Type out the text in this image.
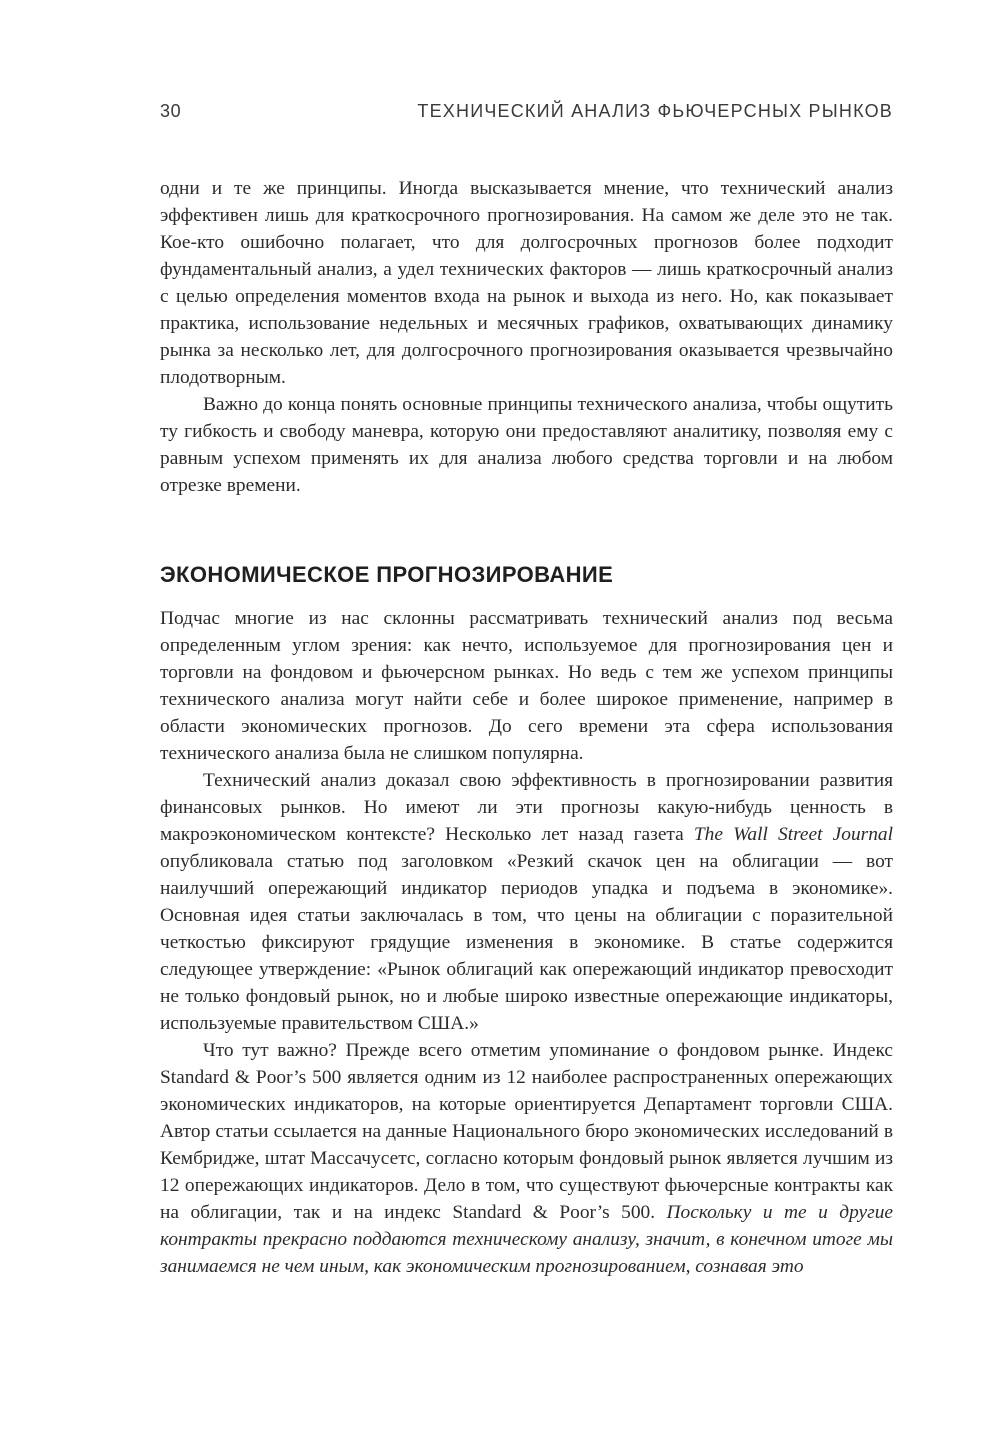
30	ТЕХНИЧЕСКИЙ АНАЛИЗ ФЬЮЧЕРСНЫХ РЫНКОВ

одни и те же принципы. Иногда высказывается мнение, что технический анализ эффективен лишь для краткосрочного прогнозирования. На самом же деле это не так. Кое-кто ошибочно полагает, что для долгосрочных прогнозов более подходит фундаментальный анализ, а удел технических факторов — лишь краткосрочный анализ с целью определения моментов входа на рынок и выхода из него. Но, как показывает практика, использование недельных и месячных графиков, охватывающих динамику рынка за несколько лет, для долгосрочного прогнозирования оказывается чрезвычайно плодотворным.

Важно до конца понять основные принципы технического анализа, чтобы ощутить ту гибкость и свободу маневра, которую они предоставляют аналитику, позволяя ему с равным успехом применять их для анализа любого средства торговли и на любом отрезке времени.

ЭКОНОМИЧЕСКОЕ ПРОГНОЗИРОВАНИЕ

Подчас многие из нас склонны рассматривать технический анализ под весьма определенным углом зрения: как нечто, используемое для прогнозирования цен и торговли на фондовом и фьючерсном рынках. Но ведь с тем же успехом принципы технического анализа могут найти себе и более широкое применение, например в области экономических прогнозов. До сего времени эта сфера использования технического анализа была не слишком популярна.

Технический анализ доказал свою эффективность в прогнозировании развития финансовых рынков. Но имеют ли эти прогнозы какую-нибудь ценность в макроэкономическом контексте? Несколько лет назад газета The Wall Street Journal опубликовала статью под заголовком «Резкий скачок цен на облигации — вот наилучший опережающий индикатор периодов упадка и подъема в экономике». Основная идея статьи заключалась в том, что цены на облигации с поразительной четкостью фиксируют грядущие изменения в экономике. В статье содержится следующее утверждение: «Рынок облигаций как опережающий индикатор превосходит не только фондовый рынок, но и любые широко известные опережающие индикаторы, используемые правительством США.»

Что тут важно? Прежде всего отметим упоминание о фондовом рынке. Индекс Standard & Poor’s 500 является одним из 12 наиболее распространенных опережающих экономических индикаторов, на которые ориентируется Департамент торговли США. Автор статьи ссылается на данные Национального бюро экономических исследований в Кембридже, штат Массачусетс, согласно которым фондовый рынок является лучшим из 12 опережающих индикаторов. Дело в том, что существуют фьючерсные контракты как на облигации, так и на индекс Standard & Poor’s 500. Поскольку и те и другие контракты прекрасно поддаются техническому анализу, значит, в конечном итоге мы занимаемся не чем иным, как экономическим прогнозированием, сознавая это
